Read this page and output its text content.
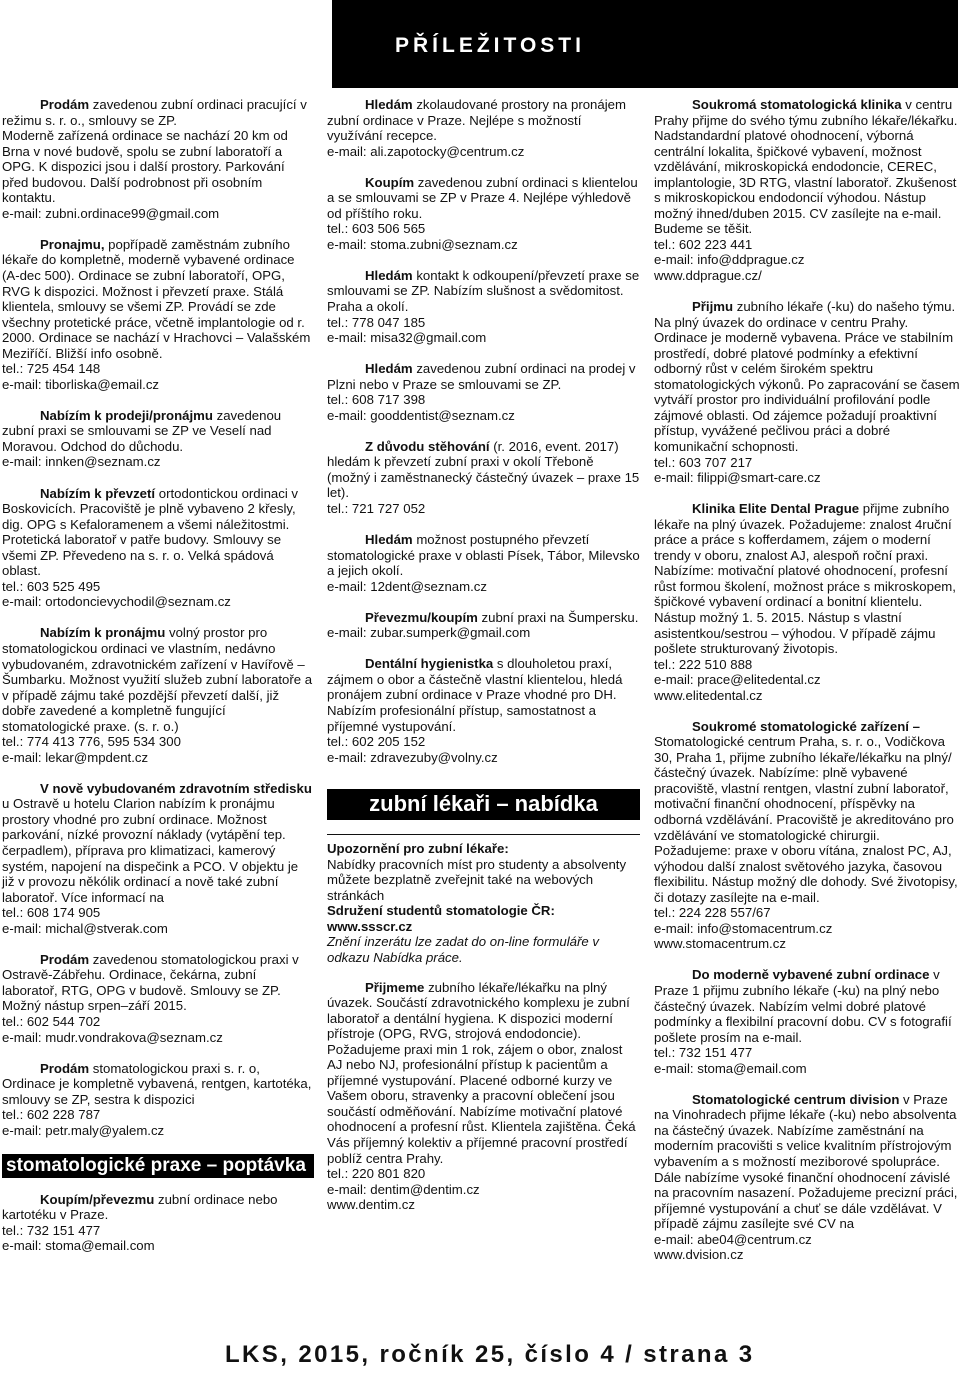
PŘÍLEŽITOSTI

Prodám zavedenou zubní ordinaci pracující v režimu s. r. o., smlouvy se ZP.

Moderně zařízená ordinace se nachází 20 km od Brna v nové budově, spolu se zubní laboratoří a OPG. K dispozici jsou i další prostory. Parkování před budovou. Další podrobnost při osobním kontaktu.

e-mail: zubni.ordinace99@gmail.com

Pronajmu, popřípadě zaměstnám zubního lékaře do kompletně, moderně vybavené ordinace (A-dec 500). Ordinace se zubní laboratoří, OPG, RVG k dispozici. Možnost i převzetí praxe. Stálá klientela, smlouvy se všemi ZP. Provádí se zde všechny protetické práce, včetně implantologie od r. 2000. Ordinace se nachází v Hrachovci – Valašském Meziříčí. Bližší info osobně.

tel.: 725 454 148

e-mail: tiborliska@email.cz

Nabízím k prodeji/pronájmu zavedenou zubní praxi se smlouvami se ZP ve Veselí nad Moravou. Odchod do důchodu.

e-mail: innken@seznam.cz

Nabízím k převzetí ortodontickou ordinaci v Boskovicích. Pracoviště je plně vybaveno 2 křesly, dig. OPG s Kefaloramenem a všemi náležitostmi. Protetická laboratoř v patře budovy. Smlouvy se všemi ZP. Převedeno na s. r. o. Velká spádová oblast.

tel.: 603 525 495

e-mail: ortodoncievychodil@seznam.cz

Nabízím k pronájmu volný prostor pro stomatologickou ordinaci ve vlastním, nedávno vybudovaném, zdravotnickém zařízení v Havířově – Šumbarku. Možnost využití služeb zubní laboratoře a v případě zájmu také pozdější převzetí další, již dobře zavedené a kompletně fungující stomatologické praxe. (s. r. o.)

tel.: 774 413 776, 595 534 300

e-mail: lekar@mpdent.cz

V nově vybudovaném zdravotním středisku u Ostravě u hotelu Clarion nabízím k pronájmu prostory vhodné pro zubní ordinace. Možnost parkování, nízké provozní náklady (vytápění tep. čerpadlem), příprava pro klimatizaci, kamerový systém, napojení na dispečink a PCO. V objektu je již v provozu někólik ordinací a nově také zubní laboratoř. Více informací na

tel.: 608 174 905

e-mail: michal@stverak.com

Prodám zavedenou stomatologickou praxi v Ostravě-Zábřehu. Ordinace, čekárna, zubní laboratoř, RTG, OPG v budově. Smlouvy se ZP. Možný nástup srpen–září 2015.

tel.: 602 544 702

e-mail: mudr.vondrakova@seznam.cz

Prodám stomatologickou praxi s. r. o, Ordinace je kompletně vybavená, rentgen, kartotéka, smlouvy se ZP, sestra k dispozici

tel.: 602 228 787

e-mail: petr.maly@yalem.cz

stomatologické praxe – poptávka

Koupím/převezmu zubní ordinace nebo kartotéku v Praze.

tel.: 732 151 477

e-mail: stoma@email.com

Hledám zkolaudované prostory na pronájem zubní ordinace v Praze. Nejlépe s možností využívání recepce.

e-mail: ali.zapotocky@centrum.cz

Koupím zavedenou zubní ordinaci s klientelou a se smlouvami se ZP v Praze 4. Nejlépe výhledově od příštího roku.

tel.: 603 506 565

e-mail: stoma.zubni@seznam.cz

Hledám kontakt k odkoupení/převzetí praxe se smlouvami se ZP. Nabízím slušnost a svědomitost. Praha a okolí.

tel.: 778 047 185

e-mail: misa32@gmail.com

Hledám zavedenou zubní ordinaci na prodej v Plzni nebo v Praze se smlouvami se ZP.

tel.: 608 717 398

e-mail: gooddentist@seznam.cz

Z důvodu stěhování (r. 2016, event. 2017) hledám k převzetí zubní praxi v okolí Třeboně (možný i zaměstnanecký částečný úvazek – praxe 15 let).

tel.: 721 727 052

Hledám možnost postupného převzetí stomatologické praxe v oblasti Písek, Tábor, Milevsko a jejich okolí.

e-mail: 12dent@seznam.cz

Převezmu/koupím zubní praxi na Šumpersku.

e-mail: zubar.sumperk@gmail.com

Dentální hygienistka s dlouholetou praxí, zájmem o obor a částečně vlastní klientelou, hledá pronájem zubní ordinace v Praze vhodné pro DH. Nabízím profesionální přístup, samostatnost a příjemné vystupování.

tel.: 602 205 152

e-mail: zdravezuby@volny.cz

zubní lékaři – nabídka

Upozornění pro zubní lékaře:

Nabídky pracovních míst pro studenty a absolventy můžete bezplatně zveřejnit také na webových stránkách

Sdružení studentů stomatologie ČR:

www.ssscr.cz

Znění inzerátu lze zadat do on-line formuláře v odkazu Nabídka práce.

Přijmeme zubního lékaře/lékařku na plný úvazek. Součástí zdravotnického komplexu je zubní laboratoř a dentální hygiena. K dispozici moderní přístroje (OPG, RVG, strojová endodoncie). Požadujeme praxi min 1 rok, zájem o obor, znalost AJ nebo NJ, profesionální přístup k pacientům a příjemné vystupování. Placené odborné kurzy ve Vašem oboru, stravenky a pracovní oblečení jsou součástí odměňování. Nabízíme motivační platové ohodnocení a profesní růst. Klientela zajištěna. Čeká Vás příjemný kolektiv a příjemné pracovní prostředí poblíž centra Prahy.

tel.: 220 801 820

e-mail: dentim@dentim.cz

www.dentim.cz

Soukromá stomatologická klinika v centru Prahy přijme do svého týmu zubního lékaře/lékařku. Nadstandardní platové ohodnocení, výborná centrální lokalita, špičkové vybavení, možnost vzdělávání, mikroskopická endodoncie, CEREC, implantologie, 3D RTG, vlastní laboratoř. Zkušenost s mikroskopickou endodoncií výhodou. Nástup možný ihned/duben 2015. CV zasílejte na e-mail. Budeme se těšit.

tel.: 602 223 441

e-mail: info@ddprague.cz

www.ddprague.cz/

Přijmu zubního lékaře (-ku) do našeho týmu. Na plný úvazek do ordinace v centru Prahy. Ordinace je moderně vybavena. Práce ve stabilním prostředí, dobré platové podmínky a efektivní odborný růst v celém širokém spektru stomatologických výkonů. Po zapracování se časem vytváří prostor pro individuální profilování podle zájmové oblasti. Od zájemce požadují proaktivní přístup, vyvážené pečlivou práci a dobré komunikační schopnosti.

tel.: 603 707 217

e-mail: filippi@smart-care.cz

Klinika Elite Dental Prague přijme zubního lékaře na plný úvazek. Požadujeme: znalost 4ruční práce a práce s kofferdamem, zájem o moderní trendy v oboru, znalost AJ, alespoň roční praxi. Nabízíme: motivační platové ohodnocení, profesní růst formou školení, možnost práce s mikroskopem, špičkové vybavení ordinací a bonitní klientelu. Nástup možný 1. 5. 2015. Nástup s vlastní asistentkou/sestrou – výhodou. V případě zájmu pošlete strukturovaný životopis.

tel.: 222 510 888

e-mail: prace@elitedental.cz

www.elitedental.cz

Soukromé stomatologické zařízení – Stomatologické centrum Praha, s. r. o., Vodičkova 30, Praha 1, přijme zubního lékaře/lékařku na plný/částečný úvazek. Nabízíme: plně vybavené pracoviště, vlastní rentgen, vlastní zubní laboratoř, motivační finanční ohodnocení, příspěvky na odborná vzdělávání. Pracoviště je akreditováno pro vzdělávání ve stomatologické chirurgii. Požadujeme: praxe v oboru vítána, znalost PC, AJ, výhodou další znalost světového jazyka, časovou flexibilitu. Nástup možný dle dohody. Své životopisy, či dotazy zasílejte na e-mail.

tel.: 224 228 557/67

e-mail: info@stomacentrum.cz

www.stomacentrum.cz

Do moderně vybavené zubní ordinace v Praze 1 přijmu zubního lékaře (-ku) na plný nebo částečný úvazek. Nabízím velmi dobré platové podmínky a flexibilní pracovní dobu. CV s fotografií pošlete prosím na e-mail.

tel.: 732 151 477

e-mail: stoma@email.com

Stomatologické centrum division v Praze na Vinohradech přijme lékaře (-ku) nebo absolventa na částečný úvazek. Nabízíme zaměstnání na moderním pracovišti s velice kvalitním přístrojovým vybavením a s možností meziborové spolupráce. Dále nabízíme vysoké finanční ohodnocení závislé na pracovním nasazení. Požadujeme precizní práci, příjemné vystupování a chuť se dále vzdělávat. V případě zájmu zasílejte své CV na

e-mail: abe04@centrum.cz

www.dvision.cz

LKS, 2015, ročník 25, číslo 4 / strana 3
